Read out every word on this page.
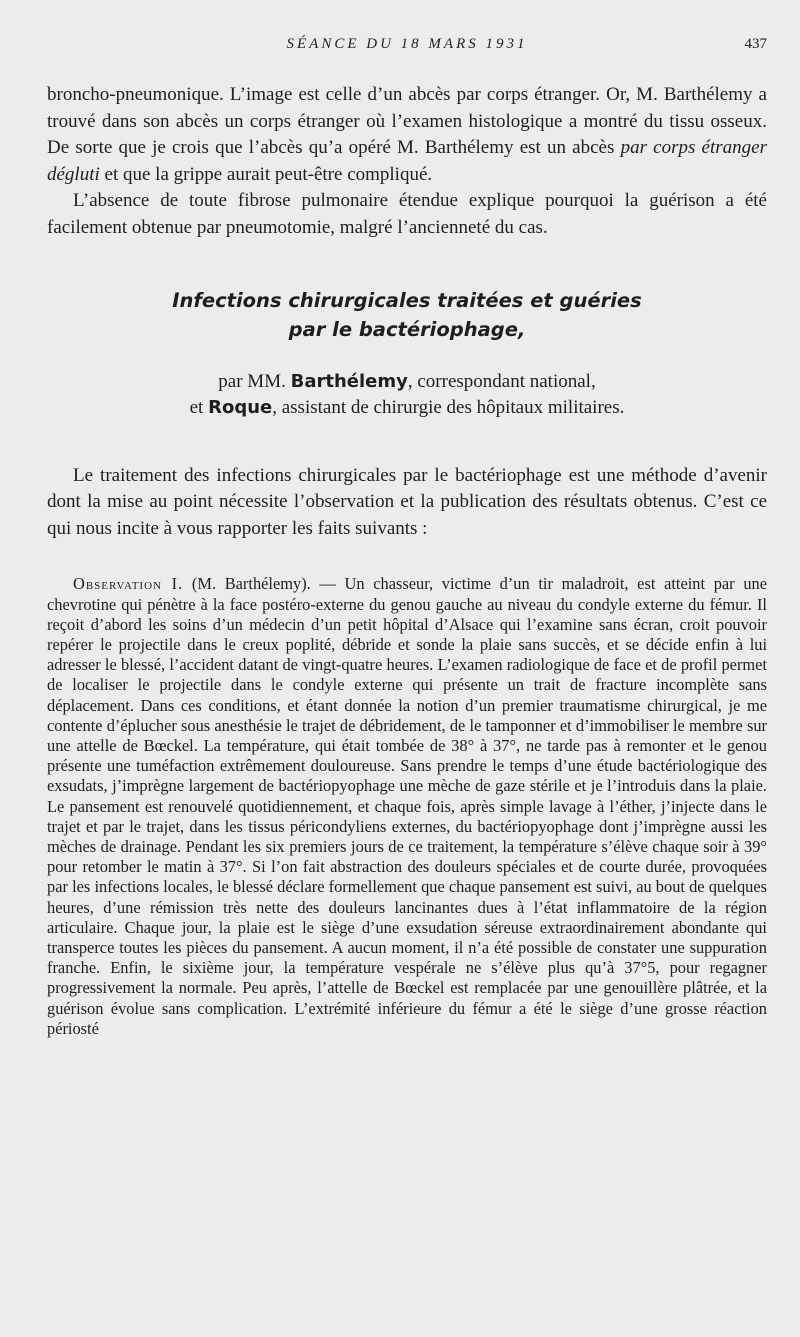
SÉANCE DU 18 MARS 1931	437

broncho-pneumonique. L’image est celle d’un abcès par corps étranger. Or, M. Barthélemy a trouvé dans son abcès un corps étranger où l’examen histologique a montré du tissu osseux. De sorte que je crois que l’abcès qu’a opéré M. Barthélemy est un abcès par corps étranger dégluti et que la grippe aurait peut-être compliqué.

L’absence de toute fibrose pulmonaire étendue explique pourquoi la guérison a été facilement obtenue par pneumotomie, malgré l’ancienneté du cas.

Infections chirurgicales traitées et guéries
par le bactériophage,
par MM. Barthélemy, correspondant national,
et Roque, assistant de chirurgie des hôpitaux militaires.

Le traitement des infections chirurgicales par le bactériophage est une méthode d’avenir dont la mise au point nécessite l’observation et la publication des résultats obtenus. C’est ce qui nous incite à vous rapporter les faits suivants :

Observation I. (M. Barthélemy). — Un chasseur, victime d’un tir maladroit, est atteint par une chevrotine qui pénètre à la face postéro-externe du genou gauche au niveau du condyle externe du fémur. Il reçoit d’abord les soins d’un médecin d’un petit hôpital d’Alsace qui l’examine sans écran, croit pouvoir repérer le projectile dans le creux poplité, débride et sonde la plaie sans succès, et se décide enfin à lui adresser le blessé, l’accident datant de vingt-quatre heures. L’examen radiologique de face et de profil permet de localiser le projectile dans le condyle externe qui présente un trait de fracture incomplète sans déplacement. Dans ces conditions, et étant donnée la notion d’un premier traumatisme chirurgical, je me contente d’éplucher sous anesthésie le trajet de débridement, de le tamponner et d’immobiliser le membre sur une attelle de Bœckel. La température, qui était tombée de 38° à 37°, ne tarde pas à remonter et le genou présente une tuméfaction extrêmement douloureuse. Sans prendre le temps d’une étude bactériologique des exsudats, j’imprègne largement de bactériopyophage une mèche de gaze stérile et je l’introduis dans la plaie. Le pansement est renouvelé quotidiennement, et chaque fois, après simple lavage à l’éther, j’injecte dans le trajet et par le trajet, dans les tissus péricondyliens externes, du bactériopyophage dont j’imprègne aussi les mèches de drainage. Pendant les six premiers jours de ce traitement, la température s’élève chaque soir à 39° pour retomber le matin à 37°. Si l’on fait abstraction des douleurs spéciales et de courte durée, provoquées par les infections locales, le blessé déclare formellement que chaque pansement est suivi, au bout de quelques heures, d’une rémission très nette des douleurs lancinantes dues à l’état inflammatoire de la région articulaire. Chaque jour, la plaie est le siège d’une exsudation séreuse extraordinairement abondante qui transperce toutes les pièces du pansement. A aucun moment, il n’a été possible de constater une suppuration franche. Enfin, le sixième jour, la température vespérale ne s’élève plus qu’à 37°5, pour regagner progressivement la normale. Peu après, l’attelle de Bœckel est remplacée par une genouillère plâtrée, et la guérison évolue sans complication. L’extrémité inférieure du fémur a été le siège d’une grosse réaction périosté
